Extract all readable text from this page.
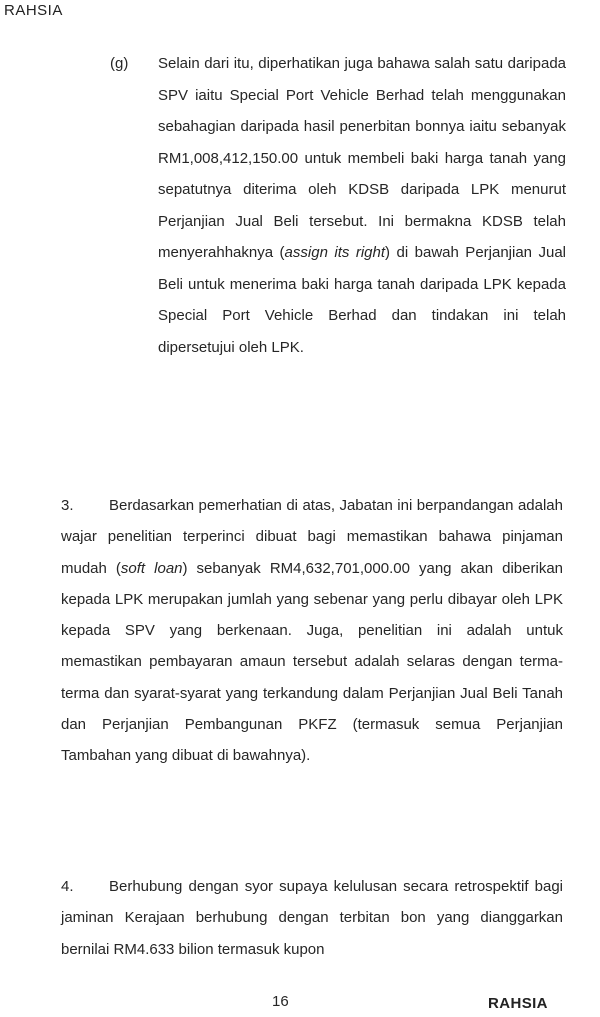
RAHSIA
(g) Selain dari itu, diperhatikan juga bahawa salah satu daripada SPV iaitu Special Port Vehicle Berhad telah menggunakan sebahagian daripada hasil penerbitan bonnya iaitu sebanyak RM1,008,412,150.00 untuk membeli baki harga tanah yang sepatutnya diterima oleh KDSB daripada LPK menurut Perjanjian Jual Beli tersebut. Ini bermakna KDSB telah menyerahhaknya (assign its right) di bawah Perjanjian Jual Beli untuk menerima baki harga tanah daripada LPK kepada Special Port Vehicle Berhad dan tindakan ini telah dipersetujui oleh LPK.
3. Berdasarkan pemerhatian di atas, Jabatan ini berpandangan adalah wajar penelitian terperinci dibuat bagi memastikan bahawa pinjaman mudah (soft loan) sebanyak RM4,632,701,000.00 yang akan diberikan kepada LPK merupakan jumlah yang sebenar yang perlu dibayar oleh LPK kepada SPV yang berkenaan. Juga, penelitian ini adalah untuk memastikan pembayaran amaun tersebut adalah selaras dengan terma-terma dan syarat-syarat yang terkandung dalam Perjanjian Jual Beli Tanah dan Perjanjian Pembangunan PKFZ (termasuk semua Perjanjian Tambahan yang dibuat di bawahnya).
4. Berhubung dengan syor supaya kelulusan secara retrospektif bagi jaminan Kerajaan berhubung dengan terbitan bon yang dianggarkan bernilai RM4.633 bilion termasuk kupon
16	RAHSIA
